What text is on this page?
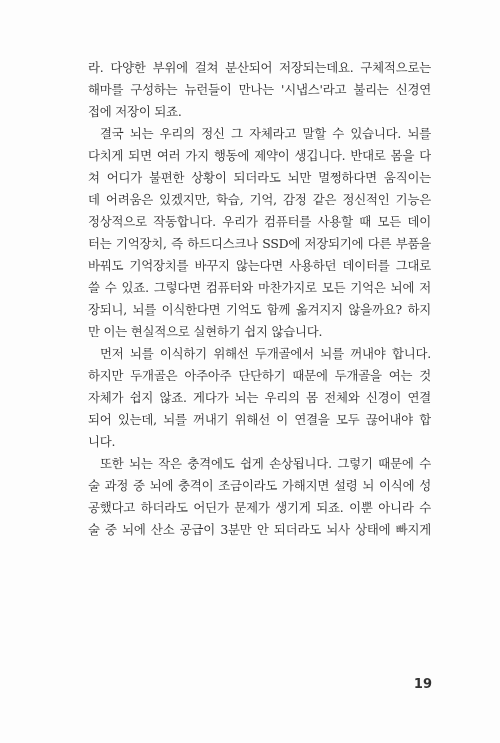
라. 다양한 부위에 걸쳐 분산되어 저장되는데요. 구체적으로는
해마를 구성하는 뉴런들이 만나는 '시냅스'라고 불리는 신경연
접에 저장이 되죠.
결국 뇌는 우리의 정신 그 자체라고 말할 수 있습니다. 뇌를
다치게 되면 여러 가지 행동에 제약이 생깁니다. 반대로 몸을 다
쳐 어디가 불편한 상황이 되더라도 뇌만 멀쩡하다면 움직이는
데 어려움은 있겠지만, 학습, 기억, 감정 같은 정신적인 기능은
정상적으로 작동합니다. 우리가 컴퓨터를 사용할 때 모든 데이
터는 기억장치, 즉 하드디스크나 SSD에 저장되기에 다른 부품을
바꿔도 기억장치를 바꾸지 않는다면 사용하던 데이터를 그대로
쓸 수 있죠. 그렇다면 컴퓨터와 마찬가지로 모든 기억은 뇌에 저
장되니, 뇌를 이식한다면 기억도 함께 옮겨지지 않을까요? 하지
만 이는 현실적으로 실현하기 쉽지 않습니다.
먼저 뇌를 이식하기 위해선 두개골에서 뇌를 꺼내야 합니다.
하지만 두개골은 아주아주 단단하기 때문에 두개골을 여는 것
자체가 쉽지 않죠. 게다가 뇌는 우리의 몸 전체와 신경이 연결
되어 있는데, 뇌를 꺼내기 위해선 이 연결을 모두 끊어내야 합
니다.
또한 뇌는 작은 충격에도 쉽게 손상됩니다. 그렇기 때문에 수
술 과정 중 뇌에 충격이 조금이라도 가해지면 설령 뇌 이식에 성
공했다고 하더라도 어딘가 문제가 생기게 되죠. 이뿐 아니라 수
술 중 뇌에 산소 공급이 3분만 안 되더라도 뇌사 상태에 빠지게
19
